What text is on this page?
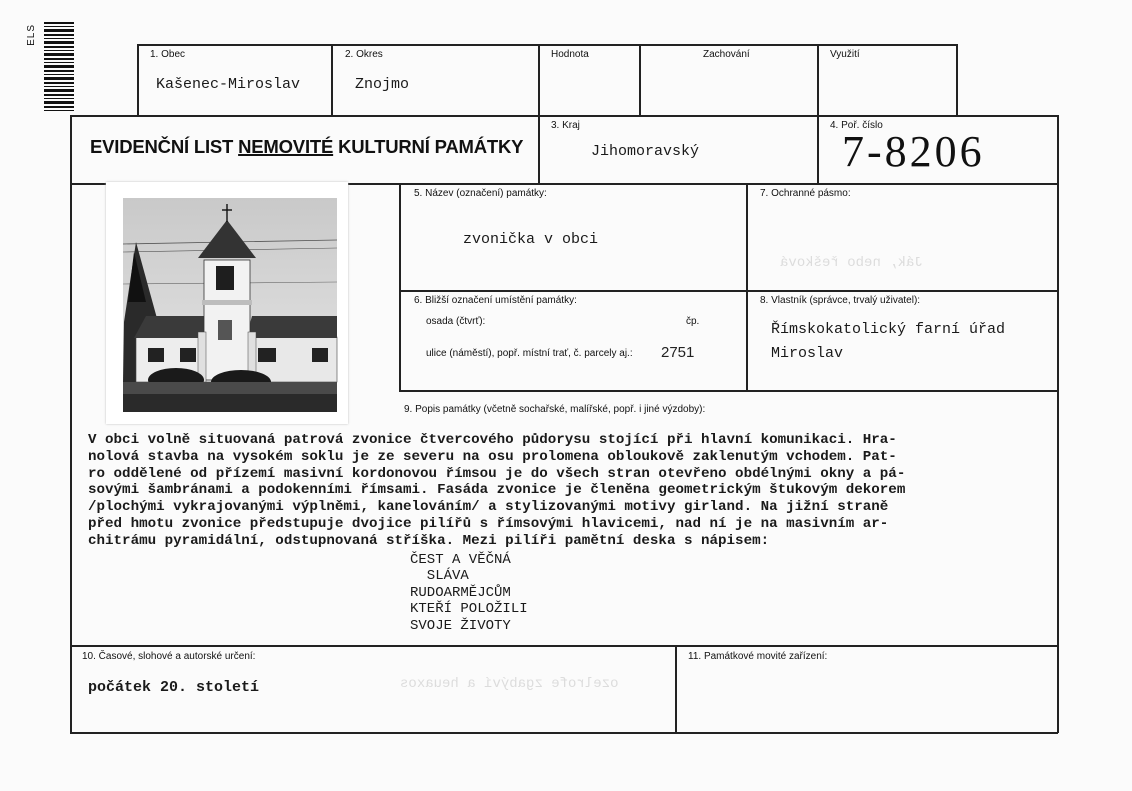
ELS
1. Obec
Kašenec-Miroslav
2. Okres
Znojmo
Hodnota	Zachování	Využití
3. Kraj
Jihomoravský
4. Poř. číslo
7-8206
EVIDENČNÍ LIST NEMOVITÉ KULTURNÍ PAMÁTKY
5. Název (označení) památky:
zvonička v obci
7. Ochranné pásmo:
6. Bližší označení umístění památky:
osada (čtvrť):	čp.
ulice (náměstí), popř. místní trať, č. parcely aj.: 2751
8. Vlastník (správce, trvalý uživatel):
Římskokatolický farní úřad
Miroslav
Ják, nebo řešková
ozelrofe zgabýví a heuaxos
9. Popis památky (včetně sochařské, malířské, popř. i jiné výzdoby):
V obci volně situovaná patrová zvonice čtvercového půdorysu stojící při hlavní komunikaci. Hra-
nolová stavba na vysokém soklu je ze severu na osu prolomena obloukově zaklenutým vchodem. Pat-
ro oddělené od přízemí masivní kordonovou římsou je do všech stran otevřeno obdélnými okny a pá-
sovými šambránami a podokenními římsami. Fasáda zvonice je členěna geometrickým štukovým dekorem
/plochými vykrajovanými výplněmi, kanelováním/ a stylizovanými motivy girland. Na jižní straně
před hmotu zvonice předstupuje dvojice pilířů s římsovými hlavicemi, nad ní je na masivním ar-
chitrámu pyramidální, odstupnovaná stříška. Mezi pilíři pamětní deska s nápisem:
ČEST A VĚČNÁ
SLÁVA
RUDOARMĚJCŮM
KTEŘÍ POLOŽILI
SVOJE ŽIVOTY
10. Časové, slohové a autorské určení:
počátek 20. století
11. Památkové movité zařízení:
